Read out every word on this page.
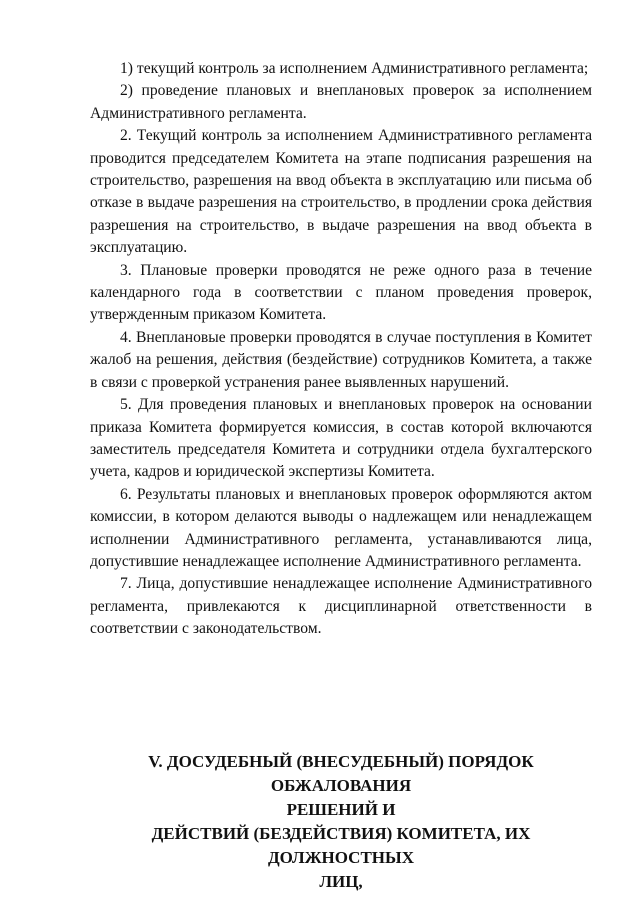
1) текущий контроль за исполнением Административного регламента;

2) проведение плановых и внеплановых проверок за исполнением Административного регламента.

2. Текущий контроль за исполнением Административного регламента проводится председателем Комитета на этапе подписания разрешения на строительство, разрешения на ввод объекта в эксплуатацию или письма об отказе в выдаче разрешения на строительство, в продлении срока действия разрешения на строительство, в выдаче разрешения на ввод объекта в эксплуатацию.

3. Плановые проверки проводятся не реже одного раза в течение календарного года в соответствии с планом проведения проверок, утвержденным приказом Комитета.

4. Внеплановые проверки проводятся в случае поступления в Комитет жалоб на решения, действия (бездействие) сотрудников Комитета, а также в связи с проверкой устранения ранее выявленных нарушений.

5. Для проведения плановых и внеплановых проверок на основании приказа Комитета формируется комиссия, в состав которой включаются заместитель председателя Комитета и сотрудники отдела бухгалтерского учета, кадров и юридической экспертизы Комитета.

6. Результаты плановых и внеплановых проверок оформляются актом комиссии, в котором делаются выводы о надлежащем или ненадлежащем исполнении Административного регламента, устанавливаются лица, допустившие ненадлежащее исполнение Административного регламента.

7. Лица, допустившие ненадлежащее исполнение Административного регламента, привлекаются к дисциплинарной ответственности в соответствии с законодательством.

V. ДОСУДЕБНЫЙ (ВНЕСУДЕБНЫЙ) ПОРЯДОК ОБЖАЛОВАНИЯ
РЕШЕНИЙ И
ДЕЙСТВИЙ (БЕЗДЕЙСТВИЯ) КОМИТЕТА, ИХ ДОЛЖНОСТНЫХ
ЛИЦ,
